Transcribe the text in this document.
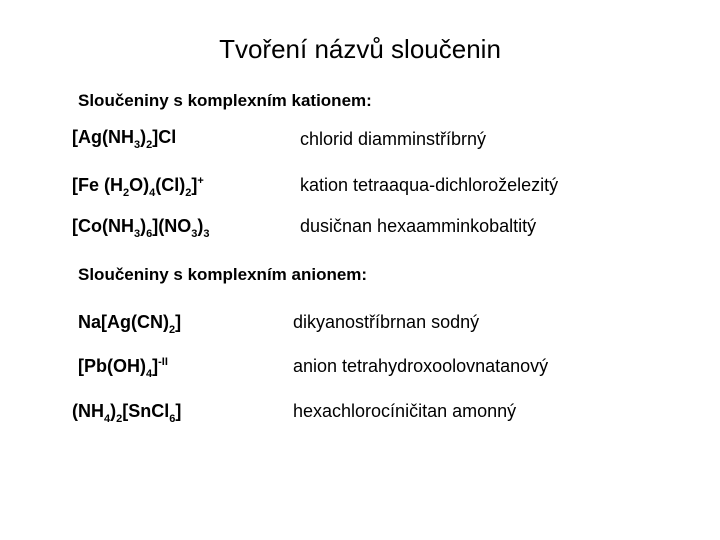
Tvoření názvů sloučenin
Sloučeniny s komplexním kationem:
$[Ag(NH_3)_2]Cl$	chlorid diamminstříbrný
[Fe $(H_2O)_4(Cl)_2]^+$	kation tetraaqua-dichloroželezitý
$[Co(NH_3)_6](NO_3)_3$	dusičnan hexaamminkobaltitý
Sloučeniny s komplexním anionem:
$Na[Ag(CN)_2]$	dikyanostříbrnan sodný
$[Pb(OH)_4]^{-II}$	anion tetrahydroxoolovnatanový
$(NH_4)_2[SnCl_6]$	hexachlorocíničitan amonný
